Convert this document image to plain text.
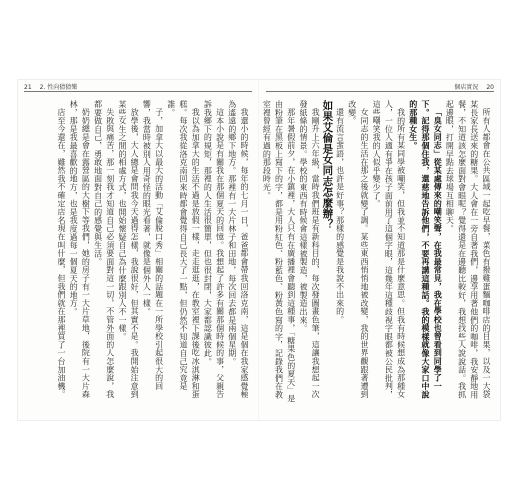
21 2. 性向猜猜樂	個店實況 20

所有人都會在公共區域一起吃早餐，菜色有撥雞蛋麵咖啡店的目果，以及一大袋某長家長送來的糖果。大人會在一旁自著我們，邊享用著他們的咖啡，我安靜地用餐，不知道該怎麼面對會眼呢？覺得還是在邊聽比較好，我想找些人說說話。我抓起邊眼，打開早點去球場互相聊天。

「臭女同志」從某處傳來的嘲笑聲，在我最常見，我在學校也曾看到同學了一下。記得那個住我，還慈地告訴他們，不要再講這種話。我的模樣就像大家口中說的那種女生。

我的所有某同學被嘲笑，但我並不知道那是什麼意思。但我有時候想成為那種女人，一位人適有爭在孩子面前用了這個字眼，這幾年這種歧視字眼都被公民批判，這些嘲笑我的人似乎變少了。

女同志的生活在那之後就變了調。某些東西悄悄地被改變，我的世界觀跟著遭到改變。

還有流言蜚語，也許是好事？那樣的感覺是我說不出來的。

如果艾倫是女同志怎麼辦？

我剛升上六年級，當時我們班是有新科目的，每次發圖畫色筆，這讓我想起一次發紙條的情景。學校的東西有時候會這樣被製造，被製造出來。

那年暑假前夕，在小鎮裡，大人只有在廣播裡會聽到這種事，「糖果色的夏天」是由粉筆在黑板上寫下的字，都是用粉紅色、粉藍色、粉黃色寫的字，記錄我們在教室裡曾經有過的那段時光。

我還小的時候，每年的七月一日，爸爸都會帶我回洛克南，這是個在我家感覺極為遙遠的鄉下地方。那裡有一大片林子和田地，每次回去都是兩個星期。

這本小說是有關我在那個夏天的回憶。我想起了許多有關那個時候的事，父親告訴我鄉下的規矩，那裡的人生活很簡單，但也很封閉，大家都認識彼此。

我以為加拿大的生活不過是放假一樣，走走逛逛，在教室裡下課後吃冰淇淋和蛋糕。每次我從洛克南回來時都會覺得自己長大了一點，但仍然不知道自己究竟是誰。

子，加拿大以最大的活動「艾倫脫口秀」相關的話題在一所學校引起很大的回響，我當時被別人用奇怪的眼光看著，就像是個外人一樣。

放學後，大人總是會問我今天過得怎樣，我說很好，但其實不是。我開始注意到某些女生之間的相處方式，也開始懷疑自己為什麼跟別人不一樣。

失敗與痛苦，那一刻我才知道自己必須要面對這一切，不管外面的人怎麼說，我都要做自己，勇敢地面對自己的感覺與生活。

奶奶總是會在露營區的大樹下等我們，她的房子有一大片草地，後院有一大片森林，那是我最喜歡的地方，也是我度過每一個夏天的地方。

店至今還在，雖然我不確定店名現在叫什麼，但我們就在那裡買了一台加油機。
